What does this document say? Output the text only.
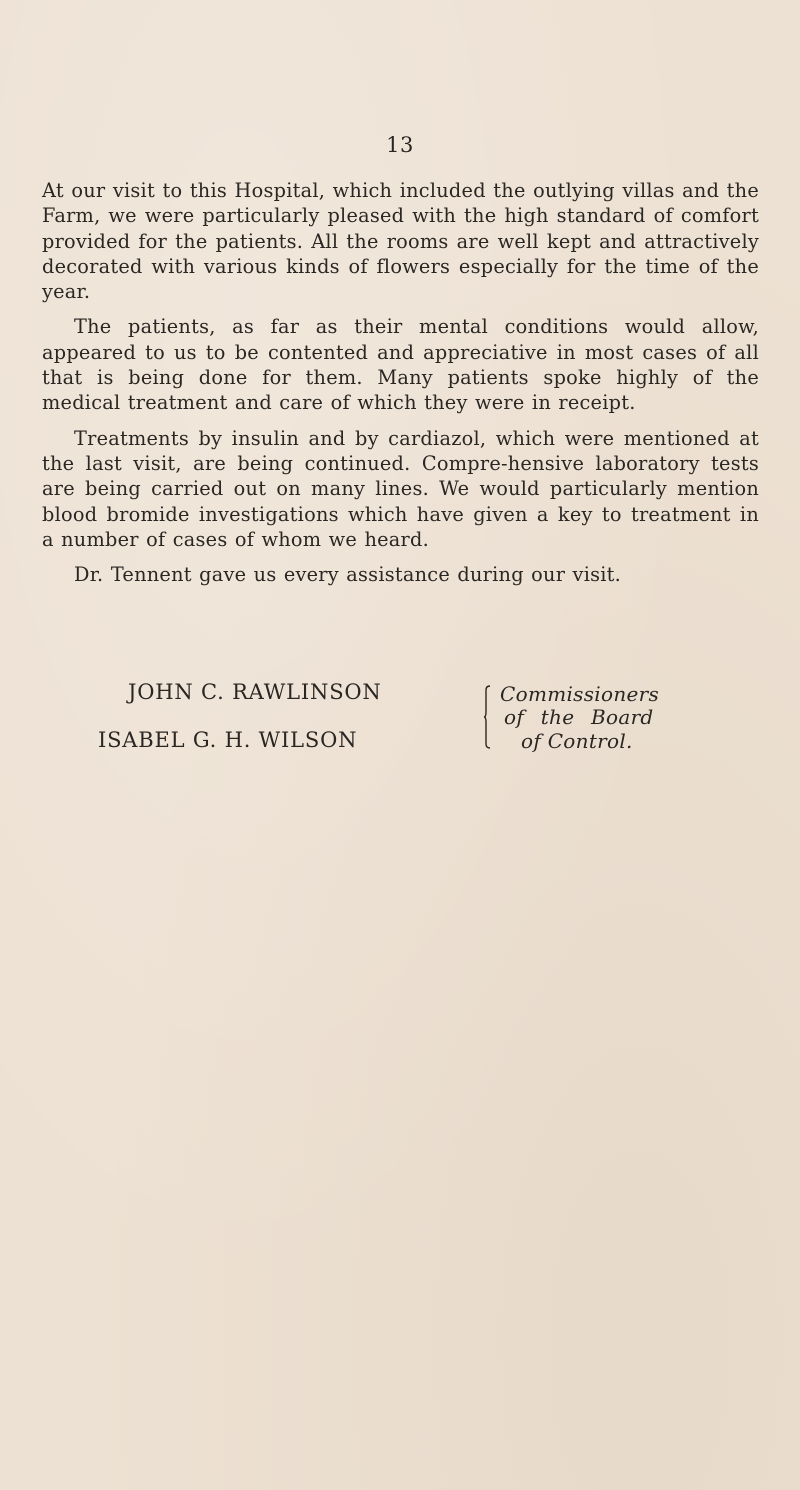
13

At our visit to this Hospital, which included the outlying villas and the Farm, we were particularly pleased with the high standard of comfort provided for the patients. All the rooms are well kept and attractively decorated with various kinds of flowers especially for the time of the year.

The patients, as far as their mental conditions would allow, appeared to us to be contented and appreciative in most cases of all that is being done for them. Many patients spoke highly of the medical treatment and care of which they were in receipt.

Treatments by insulin and by cardiazol, which were mentioned at the last visit, are being continued. Compre-hensive laboratory tests are being carried out on many lines. We would particularly mention blood bromide investigations which have given a key to treatment in a number of cases of whom we heard.

Dr. Tennent gave us every assistance during our visit.

JOHN C. RAWLINSON
ISABEL G. H. WILSON
Commissioners
of the Board
of Control.
